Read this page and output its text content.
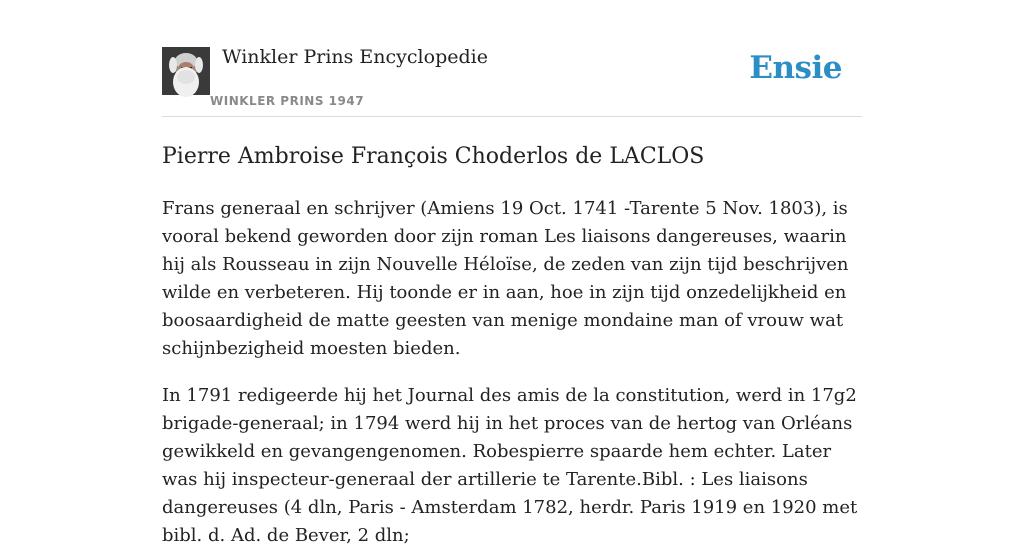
Winkler Prins Encyclopedie
WINKLER PRINS 1947
Ensie
Pierre Ambroise François Choderlos de LACLOS

Frans generaal en schrijver (Amiens 19 Oct. 1741 -Tarente 5 Nov. 1803), is vooral bekend geworden door zijn roman Les liaisons dangereuses, waarin hij als Rousseau in zijn Nouvelle Héloïse, de zeden van zijn tijd beschrijven wilde en verbeteren. Hij toonde er in aan, hoe in zijn tijd onzedelijkheid en boosaardigheid de matte geesten van menige mondaine man of vrouw wat schijnbezigheid moesten bieden.

In 1791 redigeerde hij het Journal des amis de la constitution, werd in 17g2 brigade-generaal; in 1794 werd hij in het proces van de hertog van Orléans gewikkeld en gevangengenomen. Robespierre spaarde hem echter. Later was hij inspecteur-generaal der artillerie te Tarente.Bibl. : Les liaisons dangereuses (4 dln, Paris - Amsterdam 1782, herdr. Paris 1919 en 1920 met bibl. d. Ad. de Bever, 2 dln;
